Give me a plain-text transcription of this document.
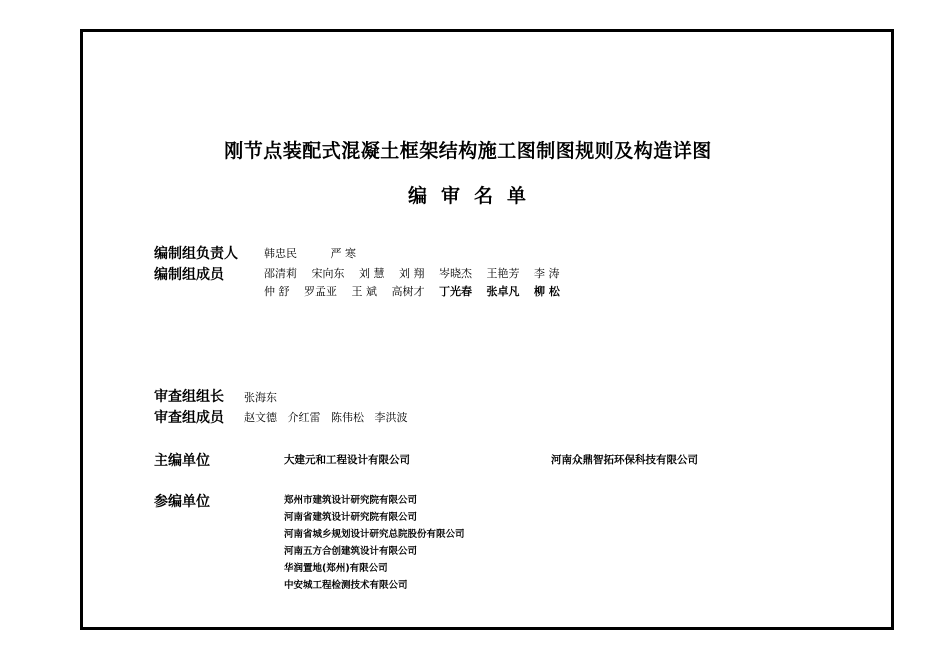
刚节点装配式混凝土框架结构施工图制图规则及构造详图
编审名单
编制组负责人 韩忠民	严 寒
编制组成员	邵清莉 宋向东 刘 慧 刘 翔 岑晓杰 王艳芳 李 涛
仲 舒 罗孟亚 王 斌 高树才 丁光春 张卓凡 柳 松
审查组组长 张海东
审查组成员 赵文德 介红雷 陈伟松 李洪波
主编单位	大建元和工程设计有限公司	河南众鼎智拓环保科技有限公司
参编单位	郑州市建筑设计研究院有限公司
河南省建筑设计研究院有限公司
河南省城乡规划设计研究总院股份有限公司
河南五方合创建筑设计有限公司
华润置地(郑州)有限公司
中安城工程检测技术有限公司
